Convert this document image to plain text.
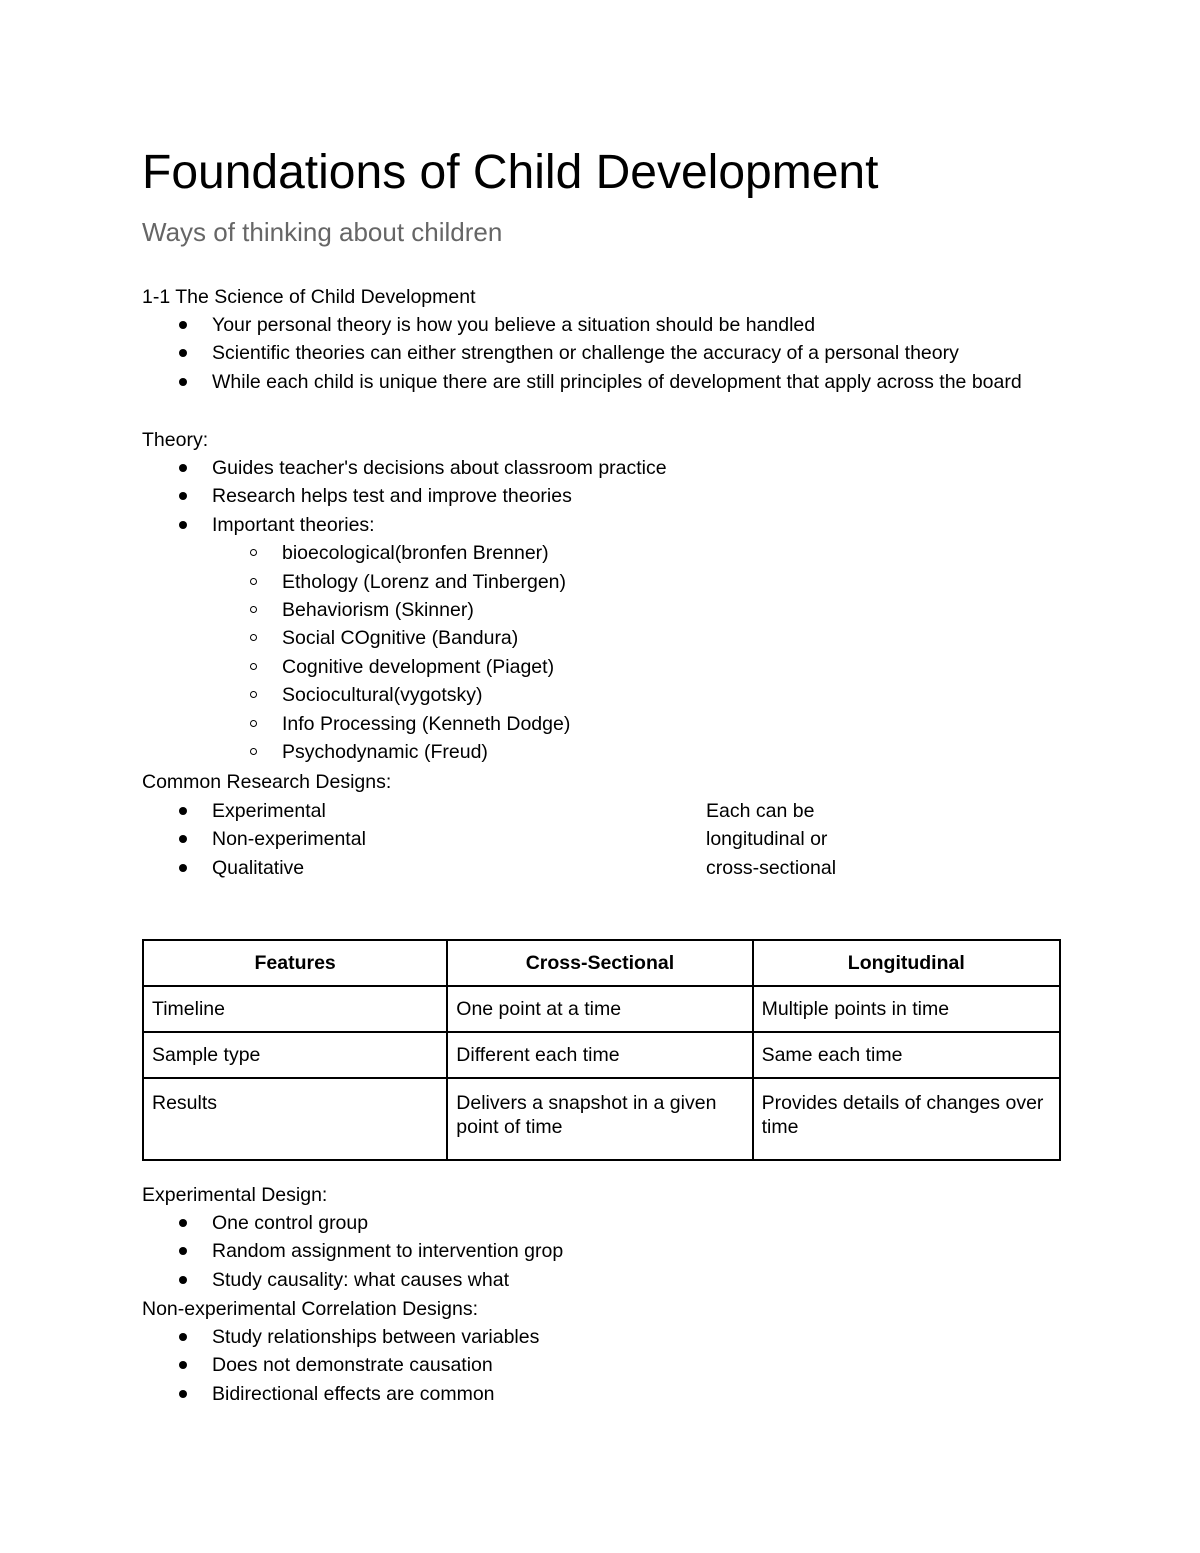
Foundations of Child Development

Ways of thinking about children

1-1 The Science of Child Development
Your personal theory is how you believe a situation should be handled
Scientific theories can either strengthen or challenge the accuracy of a personal theory
While each child is unique there are still principles of development that apply across the board
Theory:
Guides teacher's decisions about classroom practice
Research helps test and improve theories
Important theories:
bioecological(bronfen Brenner)
Ethology (Lorenz and Tinbergen)
Behaviorism (Skinner)
Social COgnitive (Bandura)
Cognitive development (Piaget)
Sociocultural(vygotsky)
Info Processing (Kenneth Dodge)
Psychodynamic (Freud)
Common Research Designs:
Experimental
Non-experimental
Qualitative
Each can be
longitudinal or
cross-sectional
Features	Cross-Sectional	Longitudinal
Timeline	One point at a time	Multiple points in time
Sample type	Different each time	Same each time
Results	Delivers a snapshot in a given point of time	Provides details of changes over time
Experimental Design:
One control group
Random assignment to intervention grop
Study causality: what causes what
Non-experimental Correlation Designs:
Study relationships between variables
Does not demonstrate causation
Bidirectional effects are common
